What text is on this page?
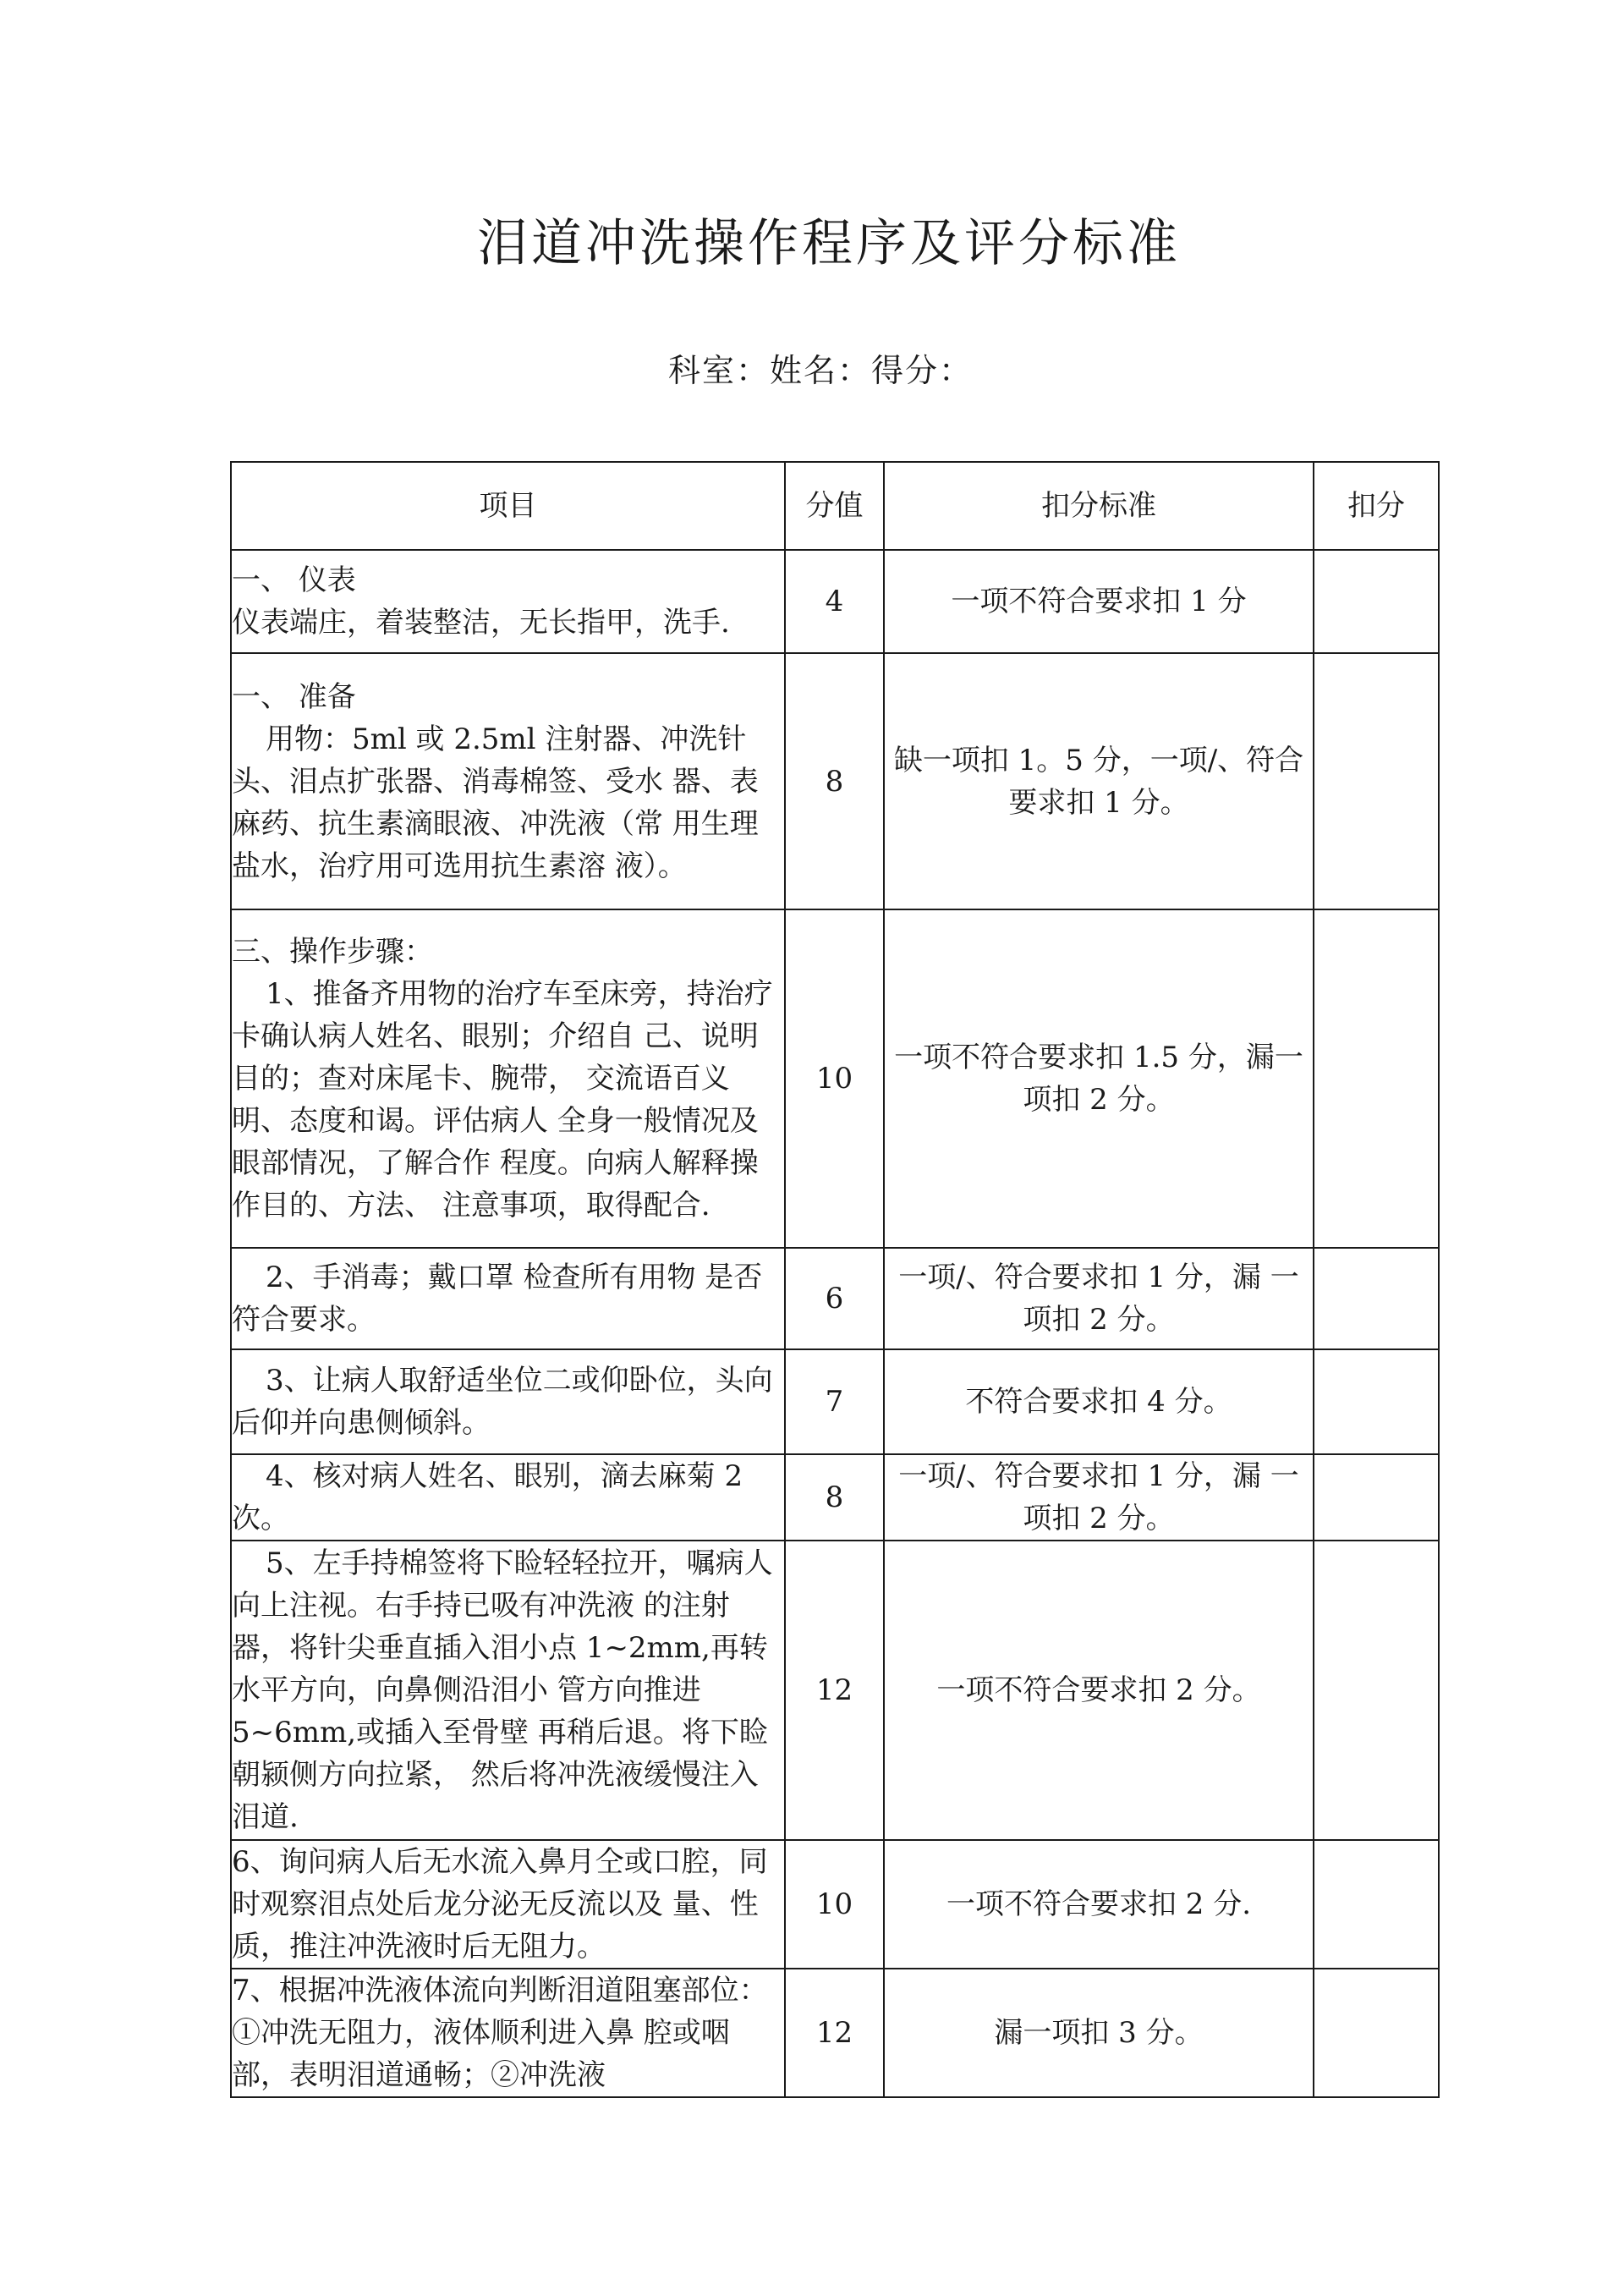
泪道冲洗操作程序及评分标准
科室：姓名：得分：
项目	分值	扣分标准	扣分

一、 仪表
仪表端庄，着装整洁，无长指甲，洗手.	4	一项不符合要求扣 1 分	

一、 准备
用物：5ml 或 2.5ml 注射器、冲洗针头、泪点扩张器、消毒棉签、受水 器、表麻药、抗生素滴眼液、冲洗液（常 用生理盐水，治疗用可选用抗生素溶 液）。	8	缺一项扣 1。5 分，一项/、符合要求扣 1 分。	

三、操作步骤：
1、推备齐用物的治疗车至床旁，持治疗卡确认病人姓名、眼别；介绍自 己、说明目的；查对床尾卡、腕带， 交流语百义明、态度和谒。评估病人 全身一般情况及眼部情况，了解合作 程度。向病人解释操作目的、方法、 注意事项，取得配合.	10	一项不符合要求扣 1.5 分，漏一项扣 2 分。	

2、手消毒；戴口罩 检查所有用物 是否符合要求。	6	一项/、符合要求扣 1 分，漏 一项扣 2 分。	

3、让病人取舒适坐位二或仰卧位，头向后仰并向患侧倾斜。	7	不符合要求扣 4 分。	

4、核对病人姓名、眼别，滴去麻菊 2 次。	8	一项/、符合要求扣 1 分，漏 一项扣 2 分。	

5、左手持棉签将下睑轻轻拉开，嘱病人向上注视。右手持已吸有冲洗液 的注射器，将针尖垂直插入泪小点 1~2mm,再转水平方向，向鼻侧沿泪小 管方向推进 5~6mm,或插入至骨壁 再稍后退。将下睑朝颍侧方向拉紧， 然后将冲洗液缓慢注入泪道.	12	一项不符合要求扣 2 分。	

6、询问病人后无水流入鼻月仝或口腔，同时观察泪点处后龙分泌无反流以及 量、性质，推注冲洗液时后无阻力。	10	一项不符合要求扣 2 分.	

7、根据冲洗液体流向判断泪道阻塞部位：①冲洗无阻力，液体顺利进入鼻 腔或咽部，表明泪道通畅；②冲洗液	12	漏一项扣 3 分。	
